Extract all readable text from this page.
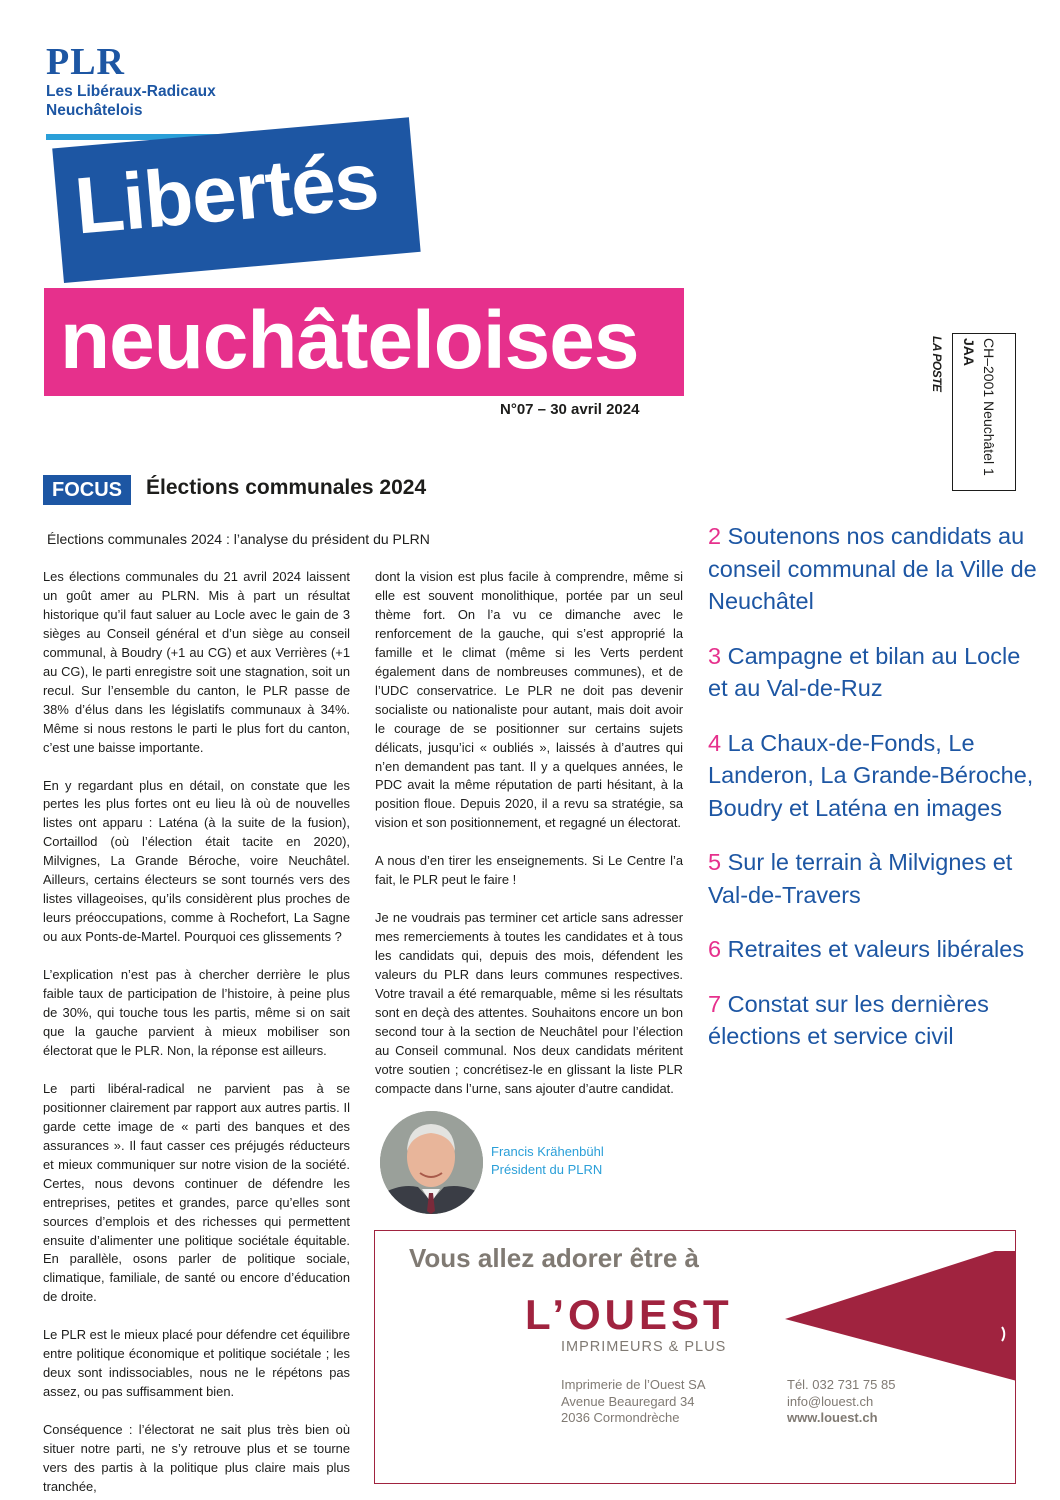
PLR
Les Libéraux-Radicaux
Neuchâtelois
Libertés
neuchâteloises
N°07 – 30 avril 2024	CH–2001 Neuchâtel 1
JAA
LA POSTE
FOCUS	Élections communales 2024
Élections communales 2024 : l’analyse du président du PLRN

Les élections communales du 21 avril 2024 laissent un goût amer au PLRN. Mis à part un résultat historique qu’il faut saluer au Locle avec le gain de 3 sièges au Conseil général et d’un siège au conseil communal, à Boudry (+1 au CG) et aux Verrières (+1 au CG), le parti enregistre soit une stagnation, soit un recul. Sur l’ensemble du canton, le PLR passe de 38% d’élus dans les législatifs communaux à 34%. Même si nous restons le parti le plus fort du canton, c’est une baisse importante.

En y regardant plus en détail, on constate que les pertes les plus fortes ont eu lieu là où de nouvelles listes ont apparu : Laténa (à la suite de la fusion), Cortaillod (où l’élection était tacite en 2020), Milvignes, La Grande Béroche, voire Neuchâtel. Ailleurs, certains électeurs se sont tournés vers des listes villageoises, qu’ils considèrent plus proches de leurs préoccupations, comme à Rochefort, La Sagne ou aux Ponts-de-Martel. Pourquoi ces glissements ?

L’explication n’est pas à chercher derrière le plus faible taux de participation de l’histoire, à peine plus de 30%, qui touche tous les partis, même si on sait que la gauche parvient à mieux mobiliser son électorat que le PLR. Non, la réponse est ailleurs.

Le parti libéral-radical ne parvient pas à se positionner clairement par rapport aux autres partis. Il garde cette image de « parti des banques et des assurances ». Il faut casser ces préjugés réducteurs et mieux communiquer sur notre vision de la société. Certes, nous devons continuer de défendre les entreprises, petites et grandes, parce qu’elles sont sources d’emplois et des richesses qui permettent ensuite d’alimenter une politique sociétale équitable. En parallèle, osons parler de politique sociale, climatique, familiale, de santé ou encore d’éducation de droite.

Le PLR est le mieux placé pour défendre cet équilibre entre politique économique et politique sociétale ; les deux sont indissociables, nous ne le répétons pas assez, ou pas suffisamment bien.

Conséquence : l’électorat ne sait plus très bien où situer notre parti, ne s’y retrouve plus et se tourne vers des partis à la politique plus claire mais plus tranchée,

dont la vision est plus facile à comprendre, même si elle est souvent monolithique, portée par un seul thème fort. On l’a vu ce dimanche avec le renforcement de la gauche, qui s’est approprié la famille et le climat (même si les Verts perdent également dans de nombreuses communes), et de l’UDC conservatrice. Le PLR ne doit pas devenir socialiste ou nationaliste pour autant, mais doit avoir le courage de se positionner sur certains sujets délicats, jusqu’ici « oubliés », laissés à d’autres qui n’en demandent pas tant. Il y a quelques années, le PDC avait la même réputation de parti hésitant, à la position floue. Depuis 2020, il a revu sa stratégie, sa vision et son positionnement, et regagné un électorat.

A nous d’en tirer les enseignements. Si Le Centre l’a fait, le PLR peut le faire !

Je ne voudrais pas terminer cet article sans adresser mes remerciements à toutes les candidates et à tous les candidats qui, depuis des mois, défendent les valeurs du PLR dans leurs communes respectives. Votre travail a été remarquable, même si les résultats sont en deçà des attentes. Souhaitons encore un bon second tour à la section de Neuchâtel pour l’élection au Conseil communal. Nos deux candidats méritent votre soutien ; concrétisez-le en glissant la liste PLR compacte dans l’urne, sans ajouter d’autre candidat.

Francis Krähenbühl
Président du PLRN
2 Soutenons nos candidats au conseil communal de la Ville de Neuchâtel
3 Campagne et bilan au Locle et au Val-de-Ruz
4 La Chaux-de-Fonds, Le Landeron, La Grande-Béroche, Boudry et Laténa en images
5 Sur le terrain à Milvignes et Val-de-Travers
6 Retraites et valeurs libérales
7 Constat sur les dernières élections et service civil
Vous allez adorer être à
L’OUEST
IMPRIMEURS & PLUS
Imprimerie de l’Ouest SA
Avenue Beauregard 34
2036 Cormondrèche
Tél. 032 731 75 85
info@louest.ch
www.louest.ch
